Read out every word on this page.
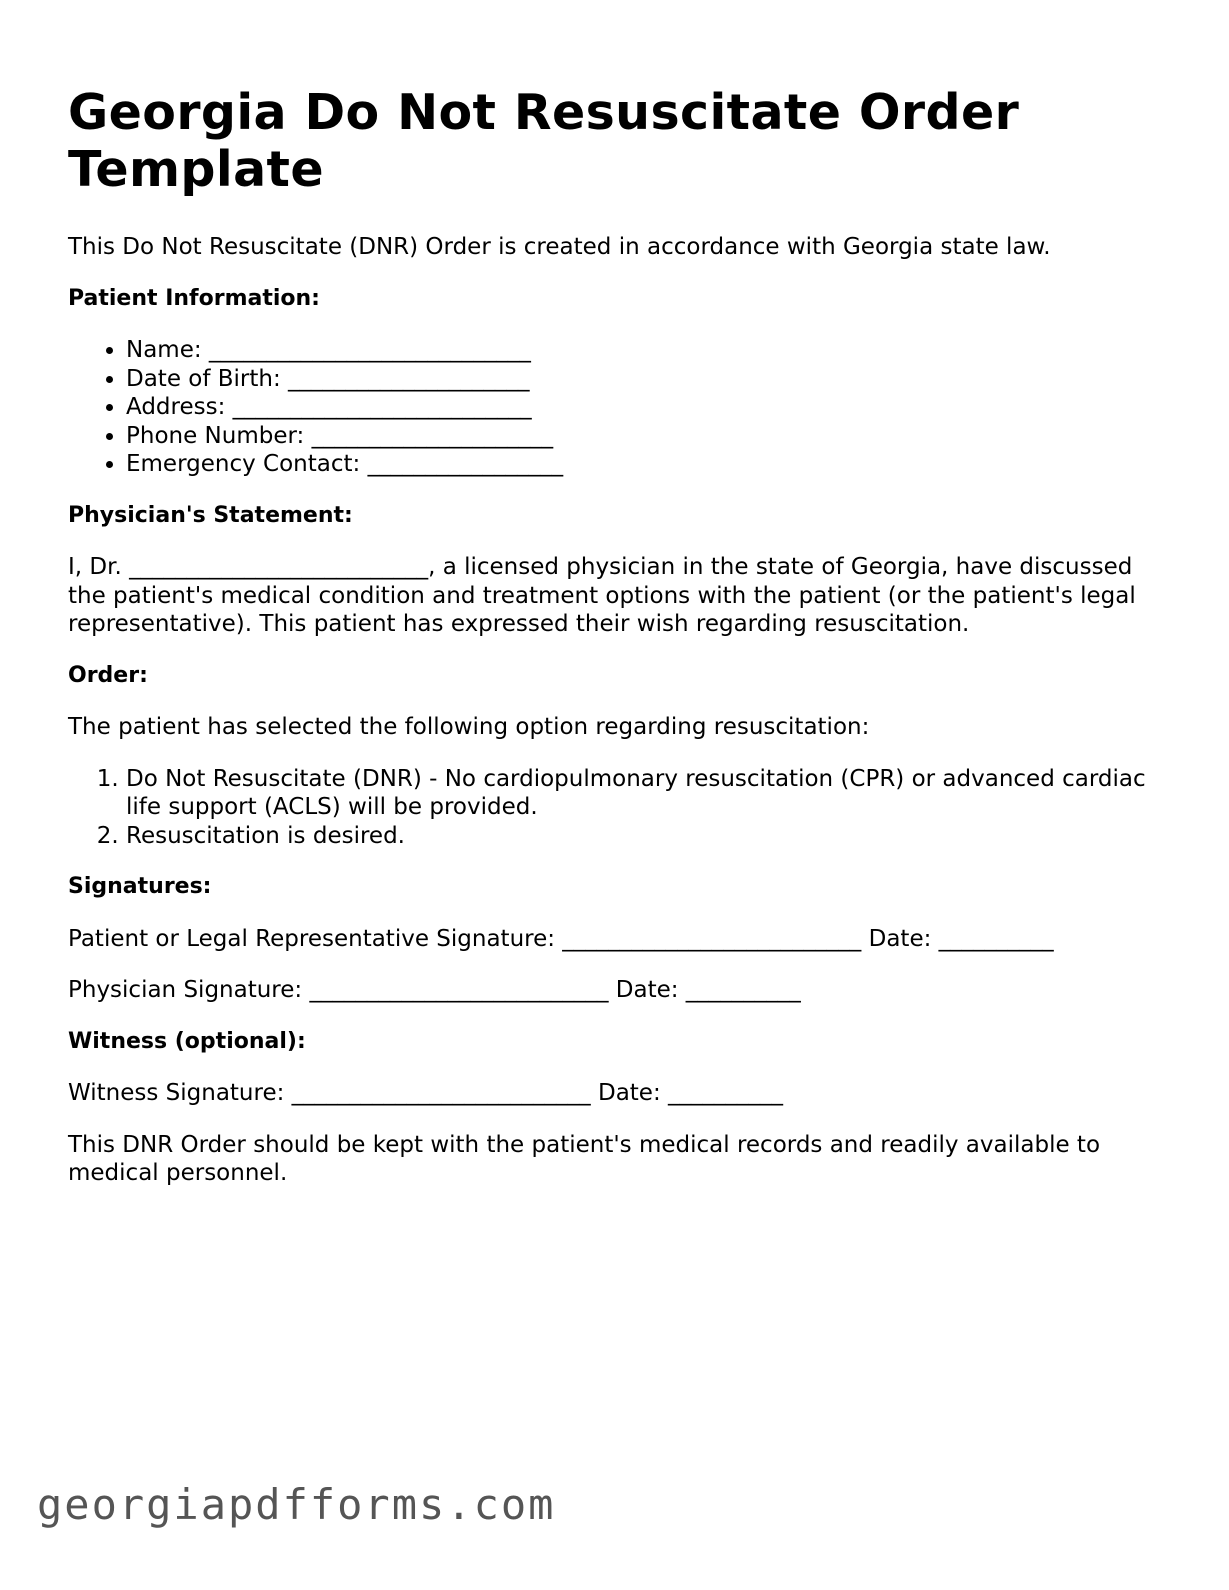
Georgia Do Not Resuscitate Order Template

This Do Not Resuscitate (DNR) Order is created in accordance with Georgia state law.

Patient Information:
• Name: ____________________________
• Date of Birth: _____________________
• Address: __________________________
• Phone Number: _____________________
• Emergency Contact: _________________
Physician's Statement:

I, Dr. __________________________, a licensed physician in the state of Georgia, have discussed the patient's medical condition and treatment options with the patient (or the patient's legal representative). This patient has expressed their wish regarding resuscitation.

Order:

The patient has selected the following option regarding resuscitation:

1. Do Not Resuscitate (DNR) - No cardiopulmonary resuscitation (CPR) or advanced cardiac life support (ACLS) will be provided.
2. Resuscitation is desired.
Signatures:

Patient or Legal Representative Signature: __________________________ Date: __________

Physician Signature: __________________________ Date: __________

Witness (optional):

Witness Signature: __________________________ Date: __________

This DNR Order should be kept with the patient's medical records and readily available to medical personnel.

georgiapdfforms.com
